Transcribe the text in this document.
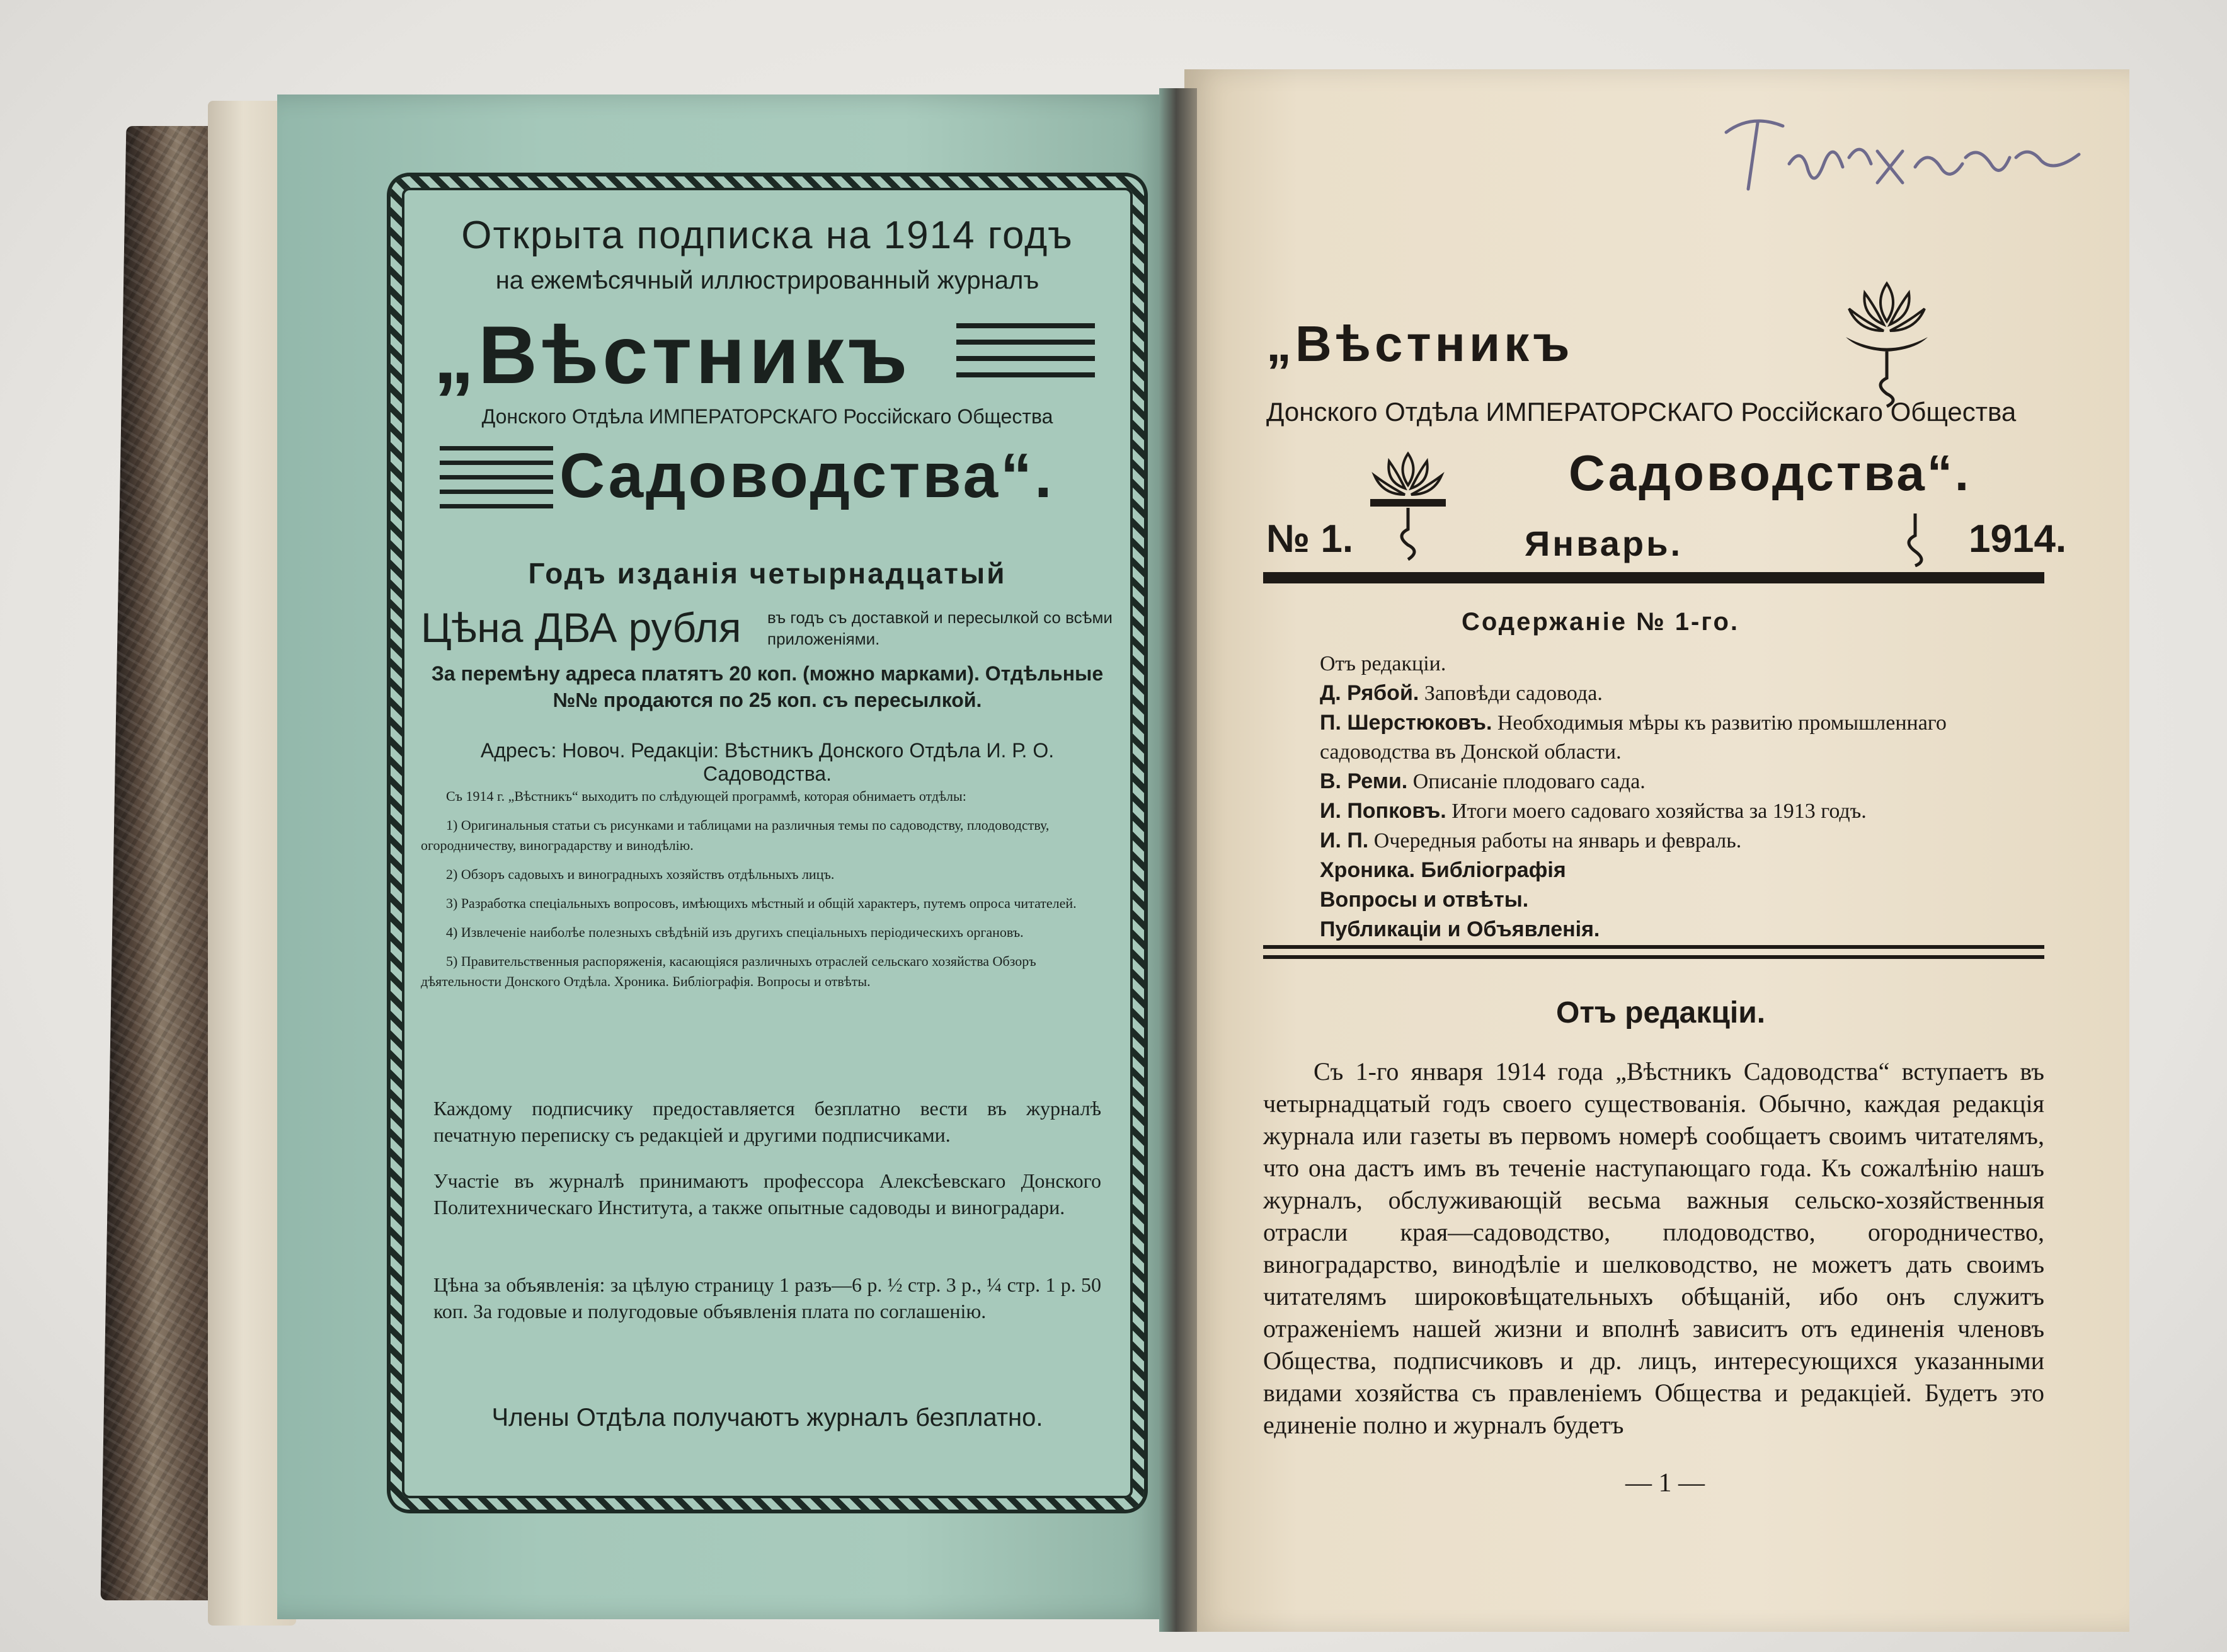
Открыта подписка на 1914 годъ
на ежемѣсячный иллюстрированный журналъ
„Вѣстникъ
Донского Отдѣла ИМПЕРАТОРСКАГО Россійскаго Общества
Садоводства“.
Годъ изданія четырнадцатый
Цѣна ДВА рубля	въ годъ съ доставкой и пересылкой со всѣми приложеніями.
За перемѣну адреса платятъ 20 коп. (можно марками). Отдѣльные №№ продаются по 25 коп. съ пересылкой.
Адресъ: Новоч. Редакціи: Вѣстникъ Донского Отдѣла И. Р. О. Садоводства.

Съ 1914 г. „Вѣстникъ“ выходитъ по слѣдующей программѣ, которая обнимаетъ отдѣлы:

1) Оригинальныя статьи съ рисунками и таблицами на различныя темы по садоводству, плодоводству, огородничеству, виноградарству и винодѣлію.

2) Обзоръ садовыхъ и виноградныхъ хозяйствъ отдѣльныхъ лицъ.

3) Разработка спеціальныхъ вопросовъ, имѣющихъ мѣстный и общій характеръ, путемъ опроса читателей.

4) Извлеченіе наиболѣе полезныхъ свѣдѣній изъ другихъ спеціальныхъ періодическихъ органовъ.

5) Правительственныя распоряженія, касающіяся различныхъ отраслей сельскаго хозяйства Обзоръ дѣятельности Донского Отдѣла. Хроника. Библіографія. Вопросы и отвѣты.

Каждому подписчику предоставляется безплатно вести въ журналѣ печатную переписку съ редакціей и другими подписчиками.
Участіе въ журналѣ принимаютъ профессора Алексѣевскаго Донского Политехническаго Института, а также опытные садоводы и виноградари.
Цѣна за объявленія: за цѣлую страницу 1 разъ—6 р. ½ стр. 3 р., ¼ стр. 1 р. 50 коп. За годовые и полугодовые объявленія плата по соглашенію.
Члены Отдѣла получаютъ журналъ безплатно.
„Вѣстникъ
Донского Отдѣла ИМПЕРАТОРСКАГО Россійскаго Общества
Садоводства“.
№ 1.	Январь.	1914.
Содержаніе № 1-го.

Отъ редакціи.

Д. Рябой. Заповѣди садовода.

П. Шерстюковъ. Необходимыя мѣры къ развитію промышленнаго садоводства въ Донской области.

В. Реми. Описаніе плодоваго сада.

И. Попковъ. Итоги моего садоваго хозяйства за 1913 годъ.

И. П. Очередныя работы на январь и февраль.

Хроника. Библіографія

Вопросы и отвѣты.

Публикаціи и Объявленія.

Отъ редакціи.

Съ 1-го января 1914 года „Вѣстникъ Садоводства“ вступаетъ въ четырнадцатый годъ своего существованія. Обычно, каждая редакція журнала или газеты въ первомъ номерѣ сообщаетъ своимъ читателямъ, что она дастъ имъ въ теченіе наступающаго года. Къ сожалѣнію нашъ журналъ, обслуживающій весьма важныя сельско-хозяйственныя отрасли края—садоводство, плодоводство, огородничество, виноградарство, винодѣліе и шелководство, не можетъ дать своимъ читателямъ широковѣщательныхъ обѣщаній, ибо онъ служитъ отраженіемъ нашей жизни и вполнѣ зависитъ отъ единенія членовъ Общества, подписчиковъ и др. лицъ, интересующихся указанными видами хозяйства съ правленіемъ Общества и редакціей. Будетъ это единеніе полно и журналъ будетъ

— 1 —
